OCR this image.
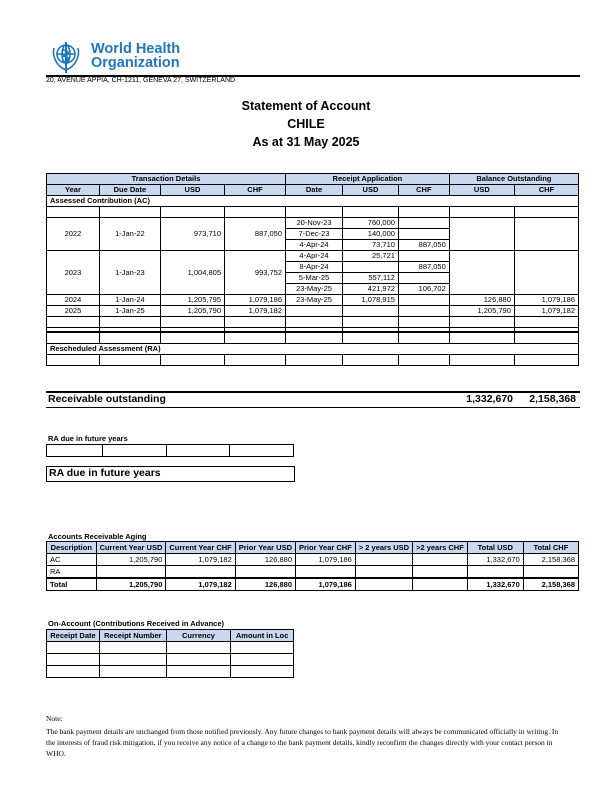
World Health
Organization
20, AVENUE APPIA, CH-1211, GENEVA 27, SWITZERLAND
Statement of Account
CHILE
As at 31 May 2025
Transaction Details				Receipt Application			Balance Outstanding	
Year	Due Date	USD	CHF	Date	USD	CHF	USD	CHF
Assessed Contribution (AC)								

2022	1-Jan-22	973,710	887,050	20-Nov-23	760,000			
				7-Dec-23	140,000			
				4-Apr-24	73,710	887,050		
2023	1-Jan-23	1,004,805	993,752	4-Apr-24	25,721			
				8-Apr-24		887,050		
				5-Mar-25	557,112			
				23-May-25	421,972	106,702		
2024	1-Jan-24	1,205,795	1,079,186	23-May-25	1,078,915		126,880	1,079,186
2025	1-Jan-25	1,205,790	1,079,182				1,205,790	1,079,182

Rescheduled Assessment (RA)								

Receivable outstanding	1,332,670	2,158,368
RA due in future years

RA due in future years
Accounts Receivable Aging
Description	Current Year USD	Current Year CHF	Prior Year USD	Prior Year CHF	> 2 years USD	>2 years CHF	Total USD	Total CHF
AC	1,205,790	1,079,182	126,880	1,079,186			1,332,670	2,158,368
RA								
Total	1,205,790	1,079,182	126,880	1,079,186			1,332,670	2,158,368
On-Account (Contributions Received in Advance)
Receipt Date	Receipt Number	Currency	Amount in Loc

Note:
The bank payment details are unchanged from those notified previously. Any future changes to bank payment details will always be communicated officially in writing. In the interests of fraud risk mitigation, if you receive any notice of a change to the bank payment details, kindly reconfirm the changes directly with your contact person in WHO.
